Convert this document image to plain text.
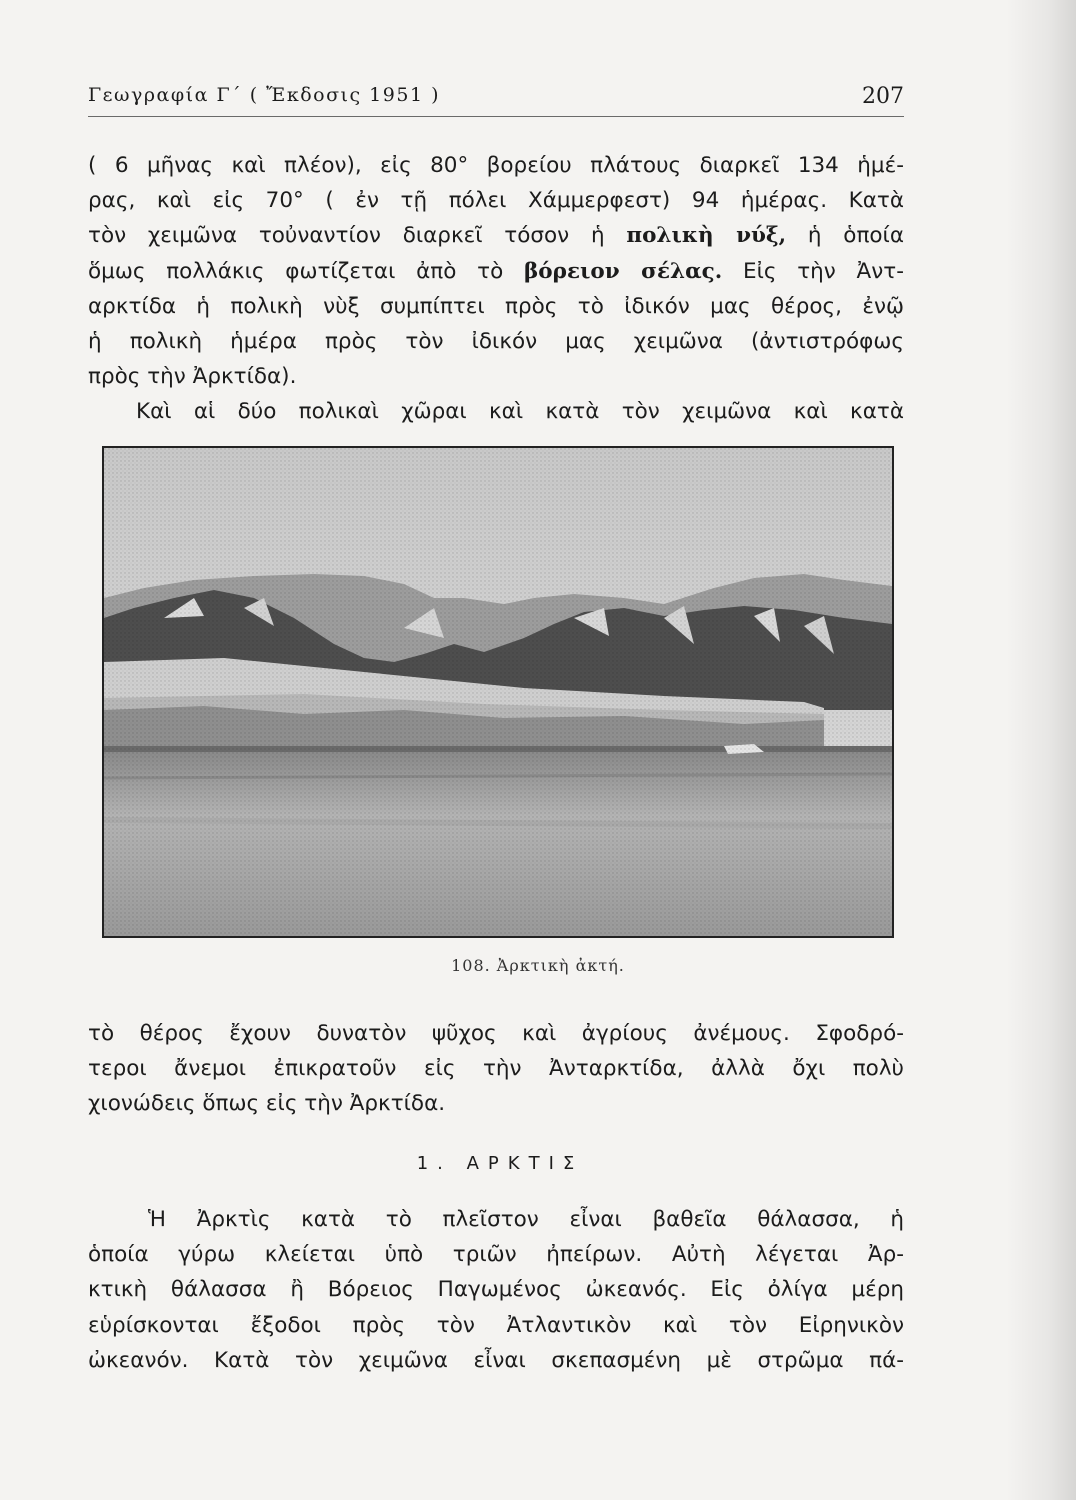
Γεωγραφία Γ΄ ( Ἔκδοσις 1951 )	207
( 6 μῆνας καὶ πλέον), εἰς 80° βορείου πλάτους διαρκεῖ 134 ἡμέ-
ρας, καὶ εἰς 70° ( ἐν τῇ πόλει Χάμμερφεστ) 94 ἡμέρας. Κατὰ
τὸν χειμῶνα τοὐναντίον διαρκεῖ τόσον ἡ πολικὴ νύξ, ἡ ὁποία
ὅμως πολλάκις φωτίζεται ἀπὸ τὸ βόρειον σέλας. Εἰς τὴν Ἀντ-
αρκτίδα ἡ πολικὴ νὺξ συμπίπτει πρὸς τὸ ἰδικόν μας θέρος, ἐνῷ
ἡ πολικὴ ἡμέρα πρὸς τὸν ἰδικόν μας χειμῶνα (ἀντιστρόφως
πρὸς τὴν Ἀρκτίδα).
Καὶ αἱ δύο πολικαὶ χῶραι καὶ κατὰ τὸν χειμῶνα καὶ κατὰ
108. Ἀρκτικὴ ἀκτή.
τὸ θέρος ἔχουν δυνατὸν ψῦχος καὶ ἀγρίους ἀνέμους. Σφοδρό-
τεροι ἄνεμοι ἐπικρατοῦν εἰς τὴν Ἀνταρκτίδα, ἀλλὰ ὄχι πολὺ
χιονώδεις ὅπως εἰς τὴν Ἀρκτίδα.
1. ΑΡΚΤΙΣ
Ἡ Ἀρκτὶς κατὰ τὸ πλεῖστον εἶναι βαθεῖα θάλασσα, ἡ
ὁποία γύρω κλείεται ὑπὸ τριῶν ἠπείρων. Αὐτὴ λέγεται Ἀρ-
κτικὴ θάλασσα ἢ Βόρειος Παγωμένος ὠκεανός. Εἰς ὀλίγα μέρη
εὑρίσκονται ἔξοδοι πρὸς τὸν Ἀτλαντικὸν καὶ τὸν Εἰρηνικὸν
ὠκεανόν. Κατὰ τὸν χειμῶνα εἶναι σκεπασμένη μὲ στρῶμα πά-
